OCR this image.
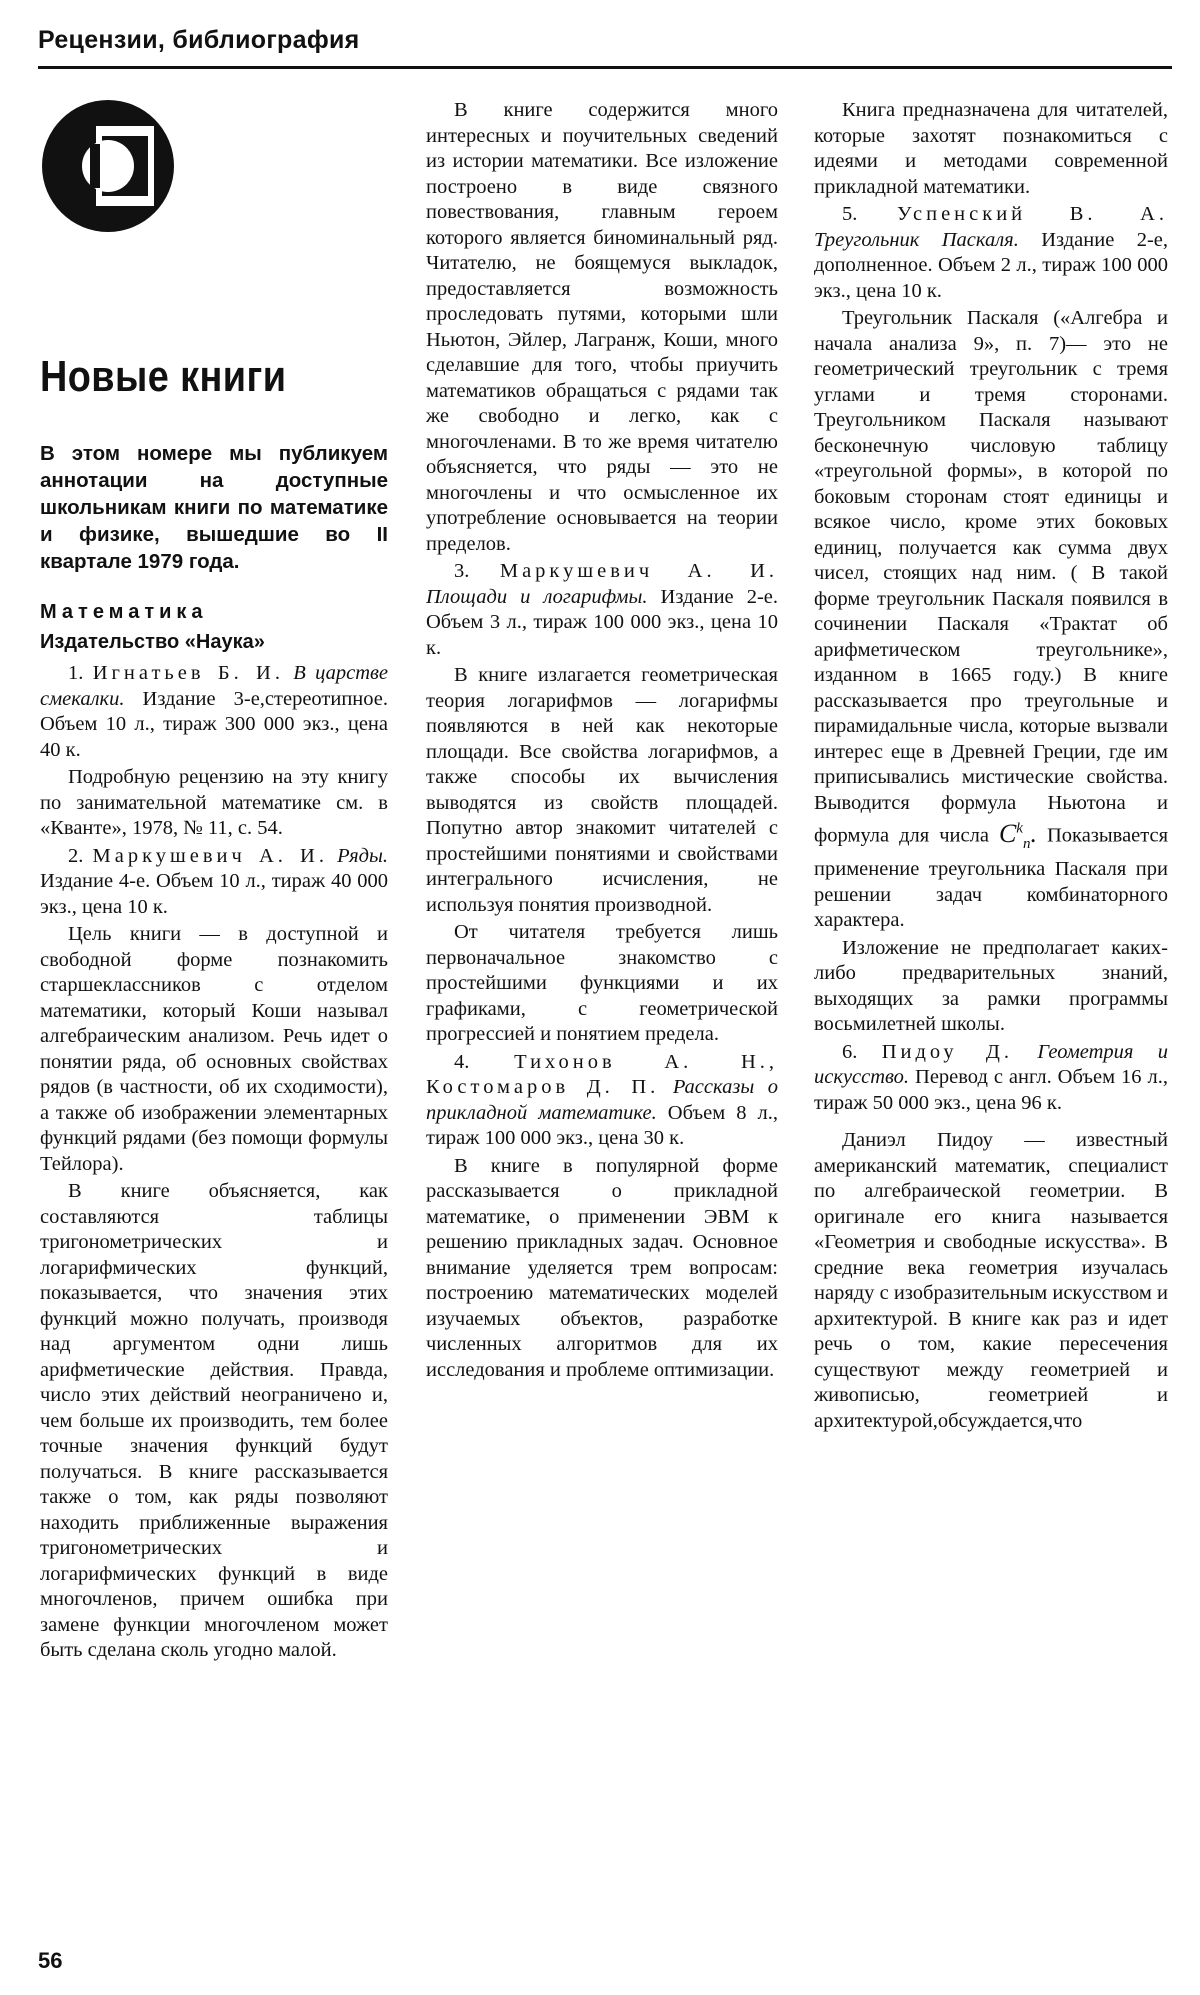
Рецензии, библиография
Новые книги
В этом номере мы публикуем аннотации на доступные школьникам книги по математике и физике, вышедшие во II квартале 1979 года.
Математика
Издательство «Наука»

1. Игнатьев Б. И. В царстве смекалки. Издание 3-е,стереотипное. Объем 10 л., тираж 300 000 экз., цена 40 к.

Подробную рецензию на эту книгу по занимательной математике см. в «Кванте», 1978, № 11, с. 54.

2. Маркушевич А. И. Ряды. Издание 4-е. Объем 10 л., тираж 40 000 экз., цена 10 к.

Цель книги — в доступной и свободной форме познакомить старшеклассников с отделом математики, который Коши называл алгебраическим анализом. Речь идет о понятии ряда, об основных свойствах рядов (в частности, об их сходимости), а также об изображении элементарных функций рядами (без помощи формулы Тейлора).

В книге объясняется, как составляются таблицы тригонометрических и логарифмических функций, показывается, что значения этих функций можно получать, производя над аргументом одни лишь арифметические действия. Правда, число этих действий неограничено и, чем больше их производить, тем более точные значения функций будут получаться. В книге рассказывается также о том, как ряды позволяют находить приближенные выражения тригонометрических и логарифмических функций в виде многочленов, причем ошибка при замене функции многочленом может быть сделана сколь угодно малой.

В книге содержится много интересных и поучительных сведений из истории математики. Все изложение построено в виде связного повествования, главным героем которого является биноминальный ряд. Читателю, не боящемуся выкладок, предоставляется возможность проследовать путями, которыми шли Ньютон, Эйлер, Лагранж, Коши, много сделавшие для того, чтобы приучить математиков обращаться с рядами так же свободно и легко, как с многочленами. В то же время читателю объясняется, что ряды — это не многочлены и что осмысленное их употребление основывается на теории пределов.

3. Маркушевич А. И. Площади и логарифмы. Издание 2-е. Объем 3 л., тираж 100 000 экз., цена 10 к.

В книге излагается геометрическая теория логарифмов — логарифмы появляются в ней как некоторые площади. Все свойства логарифмов, а также способы их вычисления выводятся из свойств площадей. Попутно автор знакомит читателей с простейшими понятиями и свойствами интегрального исчисления, не используя понятия производной.

От читателя требуется лишь первоначальное знакомство с простейшими функциями и их графиками, с геометрической прогрессией и понятием предела.

4. Тихонов А. Н., Костомаров Д. П. Рассказы о прикладной математике. Объем 8 л., тираж 100 000 экз., цена 30 к.

В книге в популярной форме рассказывается о прикладной математике, о применении ЭВМ к решению прикладных задач. Основное внимание уделяется трем вопросам: построению математических моделей изучаемых объектов, разработке численных алгоритмов для их исследования и проблеме оптимизации.

Книга предназначена для читателей, которые захотят познакомиться с идеями и методами современной прикладной математики.

5. Успенский В. А. Треугольник Паскаля. Издание 2-е, дополненное. Объем 2 л., тираж 100 000 экз., цена 10 к.

Треугольник Паскаля («Алгебра и начала анализа 9», п. 7)— это не геометрический треугольник с тремя углами и тремя сторонами. Треугольником Паскаля называют бесконечную числовую таблицу «треугольной формы», в которой по боковым сторонам стоят единицы и всякое число, кроме этих боковых единиц, получается как сумма двух чисел, стоящих над ним. ( В такой форме треугольник Паскаля появился в сочинении Паскаля «Трактат об арифметическом треугольнике», изданном в 1665 году.) В книге рассказывается про треугольные и пирамидальные числа, которые вызвали интерес еще в Древней Греции, где им приписывались мистические свойства. Выводится формула Ньютона и формула для числа $C^k_n$. Показывается применение треугольника Паскаля при решении задач комбинаторного характера.

Изложение не предполагает каких-либо предварительных знаний, выходящих за рамки программы восьмилетней школы.

6. Пидоу Д. Геометрия и искусство. Перевод с англ. Объем 16 л., тираж 50 000 экз., цена 96 к.

Даниэл Пидоу — известный американский математик, специалист по алгебраической геометрии. В оригинале его книга называется «Геометрия и свободные искусства». В средние века геометрия изучалась наряду с изобразительным искусством и архитектурой. В книге как раз и идет речь о том, какие пересечения существуют между геометрией и живописью, геометрией и архитектурой,обсуждается,что

56
